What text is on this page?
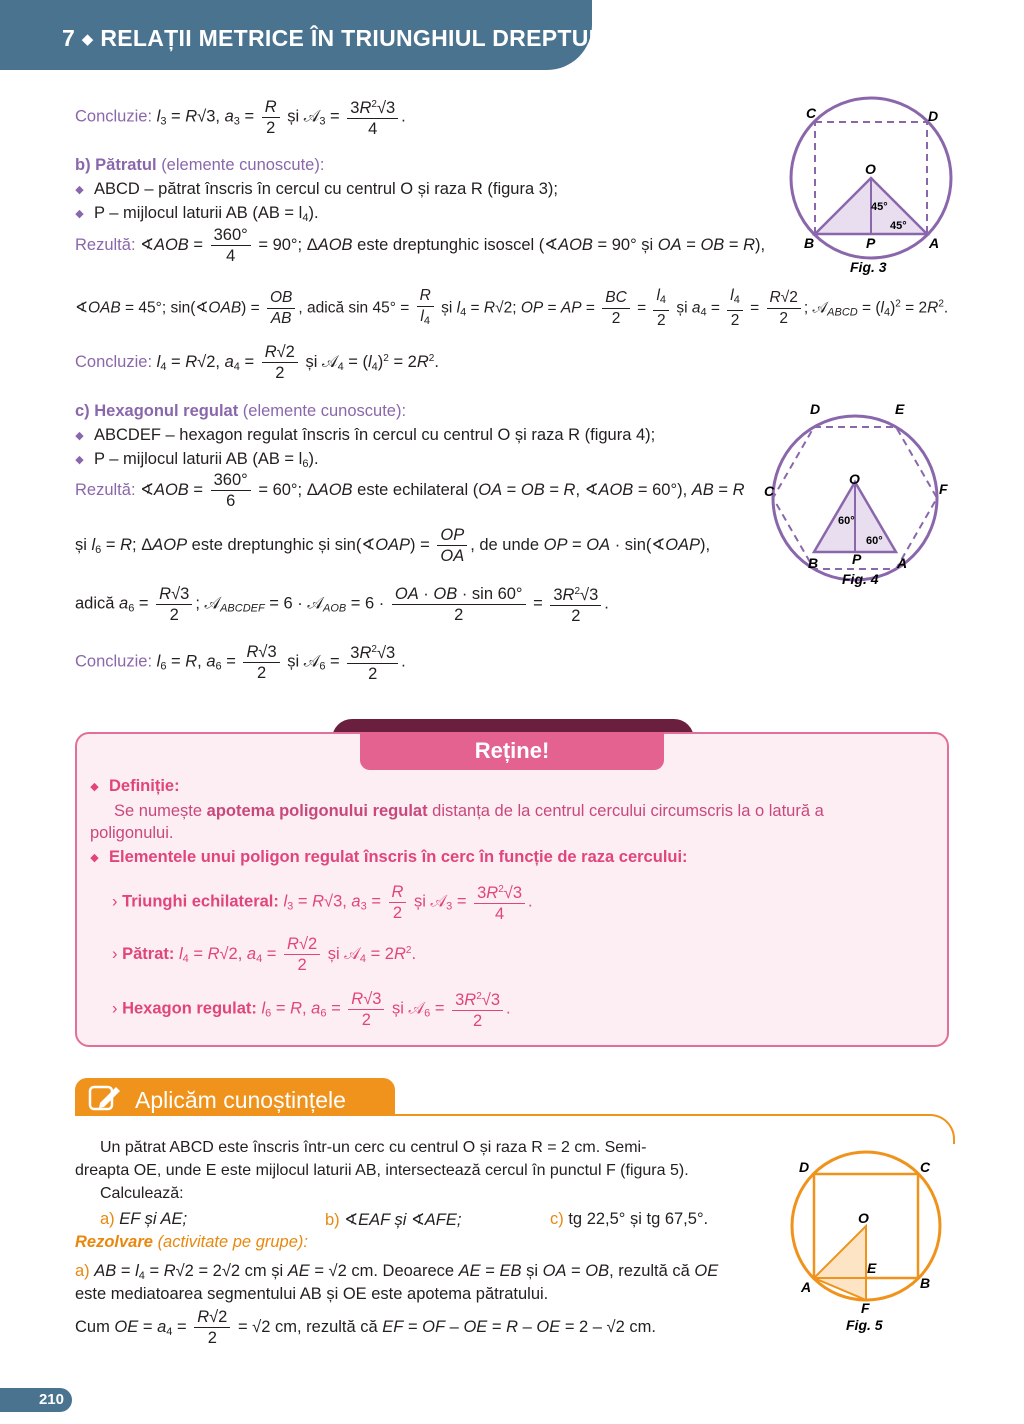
7 ◆ RELAȚII METRICE ÎN TRIUNGHIUL DREPTUNGHIC
Concluzie: $l_3 = R√3$, $a_3 = \frac{R}{2}$ și 𝒜$_3$ = $\frac{3R^2√3}{4}$ .
b) Pătratul (elemente cunoscute):
◆ ABCD – pătrat înscris în cercul cu centrul O și raza R (figura 3);
◆ P – mijlocul laturii AB $(AB = l_4)$.
Rezultă: ∢AOB = $\frac{360^\circ}{4} = 90^\circ$; ΔAOB este dreptunghic isoscel (∢AOB = 90° și OA = OB = R),
∢OAB = 45°; sin(∢OAB) = $\frac{OB}{AB}$ , adică $\sin 45^\circ = \frac{R}{l_4}$ și $l_4 = R√2$; OP = AP = $\frac{BC}{2} = \frac{l_4}{2}$ și $a_4 = \frac{l_4}{2} = \frac{R√2}{2}$ ; 𝒜$_{ABCD}$ = $(l_4)^2 = 2R^2$.
Concluzie: $l_4 = R√2$, $a_4 = \frac{R√2}{2}$ și 𝒜$_4$ = $(l_4)^2 = 2R^2$.
c) Hexagonul regulat (elemente cunoscute):
◆ ABCDEF – hexagon regulat înscris în cercul cu centrul O și raza R (figura 4);
◆ P – mijlocul laturii AB $(AB = l_6)$.
Rezultă: ∢AOB = $\frac{360^\circ}{6} = 60^\circ$; ΔAOB este echilateral (OA = OB = R, ∢AOB = 60°), AB = R
și $l_6 = R$; ΔAOP este dreptunghic și sin(∢OAP) = $\frac{OP}{OA}$ , de unde OP = OA · sin(∢OAP),
adică $a_6 = \frac{R√3}{2}$ ; 𝒜$_{ABCDEF}$ = 6 · 𝒜$_{AOB}$ = $6 \cdot \frac{OA \cdot OB \cdot \sin 60^\circ}{2} = \frac{3R^2√3}{2}$ .
Concluzie: $l_6 = R$, $a_6 = \frac{R√3}{2}$ și 𝒜$_6$ = $\frac{3R^2√3}{2}$ .
C	D
O
B	P	A
45°
45°
Fig. 3
D	E
C	F
O
B P	A
60°
60°
Fig. 4
Reține!
◆ Definiție:
Se numește apotema poligonului regulat distanța de la centrul cercului circumscris la o latură a
poligonului.
◆ Elementele unui poligon regulat înscris în cerc în funcție de raza cercului:
› Triunghi echilateral: $l_3 = R√3$, $a_3 = \frac{R}{2}$ și 𝒜$_3$ = $\frac{3R^2√3}{4}$ .
› Pătrat: $l_4 = R√2$, $a_4 = \frac{R√2}{2}$ și 𝒜$_4$ = $2R^2$.
› Hexagon regulat: $l_6 = R$, $a_6 = \frac{R√3}{2}$ și 𝒜$_6$ = $\frac{3R^2√3}{2}$ .
Aplicăm cunoștințele
Un pătrat ABCD este înscris într-un cerc cu centrul O și raza R = 2 cm. Semi-
dreapta OE, unde E este mijlocul laturii AB, intersectează cercul în punctul F (figura 5).
Calculează:
a) EF și AE;	b) ∢EAF și ∢AFE;	c) tg 22,5° și tg 67,5°.
Rezolvare (activitate pe grupe):
a) AB = $l_4 = R√2 = 2√2$ cm și AE = √2 cm. Deoarece AE = EB și OA = OB, rezultă că OE
este mediatoarea segmentului AB și OE este apotema pătratului.
Cum OE = $a_4 = \frac{R√2}{2} = √2$ cm, rezultă că EF = OF – OE = R – OE = 2 – √2 cm.
D	C
O
E
A	B
F
Fig. 5
210
